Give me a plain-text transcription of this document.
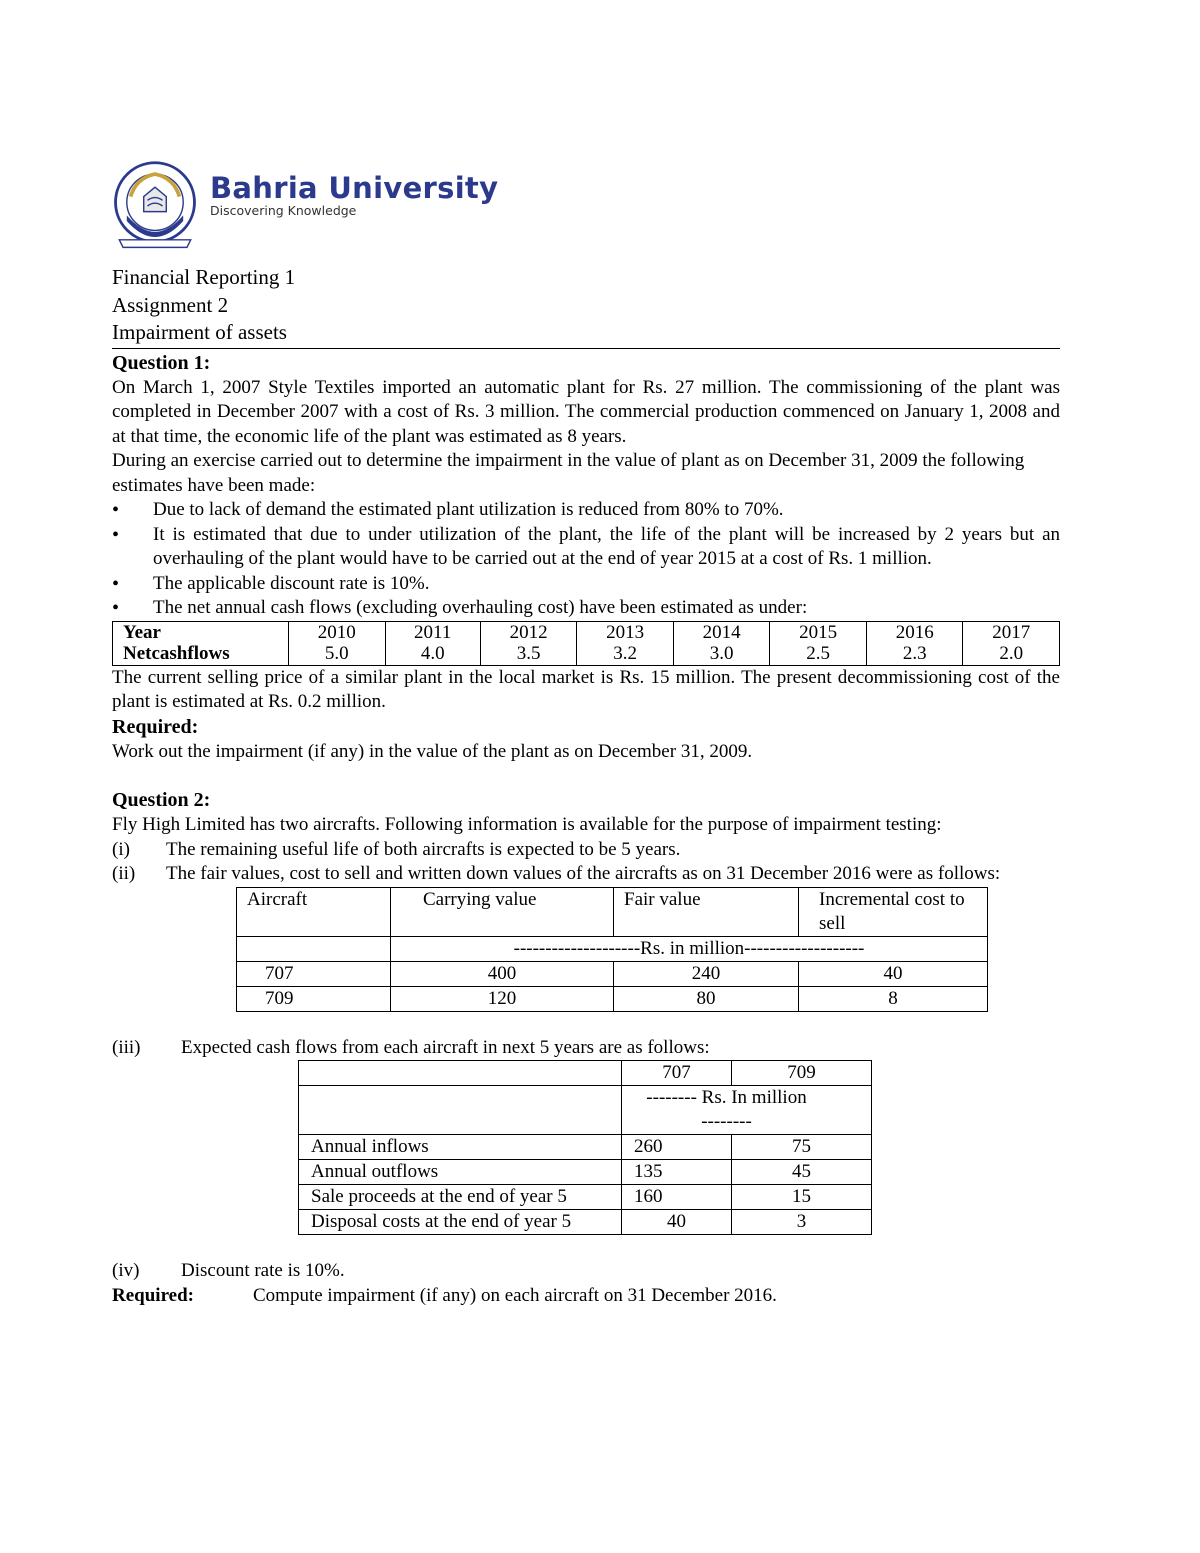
Bahria University
Discovering Knowledge
Financial Reporting 1
Assignment 2
Impairment of assets
Question 1:

On March 1, 2007 Style Textiles imported an automatic plant for Rs. 27 million. The commissioning of the plant was completed in December 2007 with a cost of Rs. 3 million. The commercial production commenced on January 1, 2008 and at that time, the economic life of the plant was estimated as 8 years.

During an exercise carried out to determine the impairment in the value of plant as on December 31, 2009 the following estimates have been made:

• Due to lack of demand the estimated plant utilization is reduced from 80% to 70%.
• It is estimated that due to under utilization of the plant, the life of the plant will be increased by 2 years but an overhauling of the plant would have to be carried out at the end of year 2015 at a cost of Rs. 1 million.
• The applicable discount rate is 10%.
• The net annual cash flows (excluding overhauling cost) have been estimated as under:
Year	2010	2011	2012	2013	2014	2015	2016	2017
Netcashflows	5.0	4.0	3.5	3.2	3.0	2.5	2.3	2.0

The current selling price of a similar plant in the local market is Rs. 15 million. The present decommissioning cost of the plant is estimated at Rs. 0.2 million.

Required:

Work out the impairment (if any) in the value of the plant as on December 31, 2009.

Question 2:

Fly High Limited has two aircrafts. Following information is available for the purpose of impairment testing:

(i) The remaining useful life of both aircrafts is expected to be 5 years.
(ii) The fair values, cost to sell and written down values of the aircrafts as on 31 December 2016 were as follows:
Aircraft	Carrying value	Fair value	Incremental cost to sell
	--------------------Rs. in million-------------------		
707	400	240	40
709	120	80	8
(iii)	Expected cash flows from each aircraft in next 5 years are as follows:
	707	709
	-------- Rs. In million --------	
Annual inflows	260	75
Annual outflows	135	45
Sale proceeds at the end of year 5	160	15
Disposal costs at the end of year 5	40	3
(iv)	Discount rate is 10%.
Required:	Compute impairment (if any) on each aircraft on 31 December 2016.
